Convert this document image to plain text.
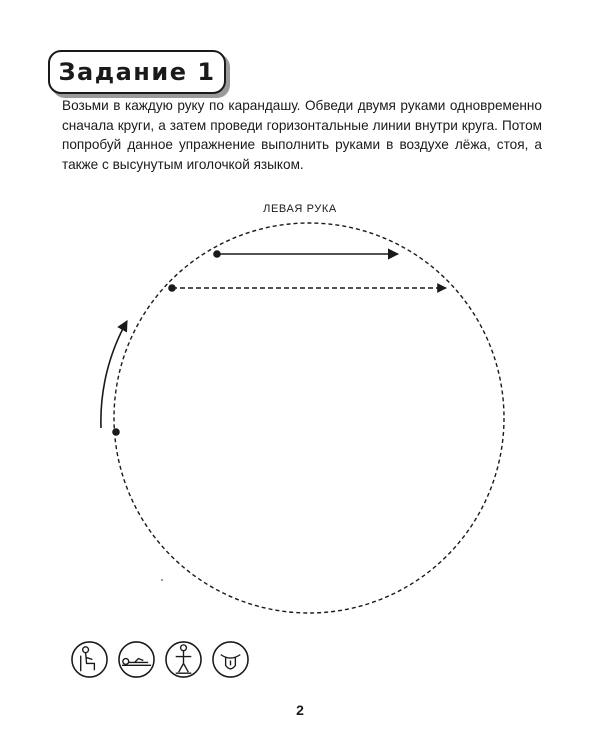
Задание 1

Возьми в каждую руку по карандашу. Обведи двумя руками одновременно сначала круги, а затем проведи горизонтальные линии внутри круга. Потом попробуй данное упражнение выполнить руками в воздухе лёжа, стоя, а также с высунутым иголочкой языком.

ЛЕВАЯ РУКА
2
